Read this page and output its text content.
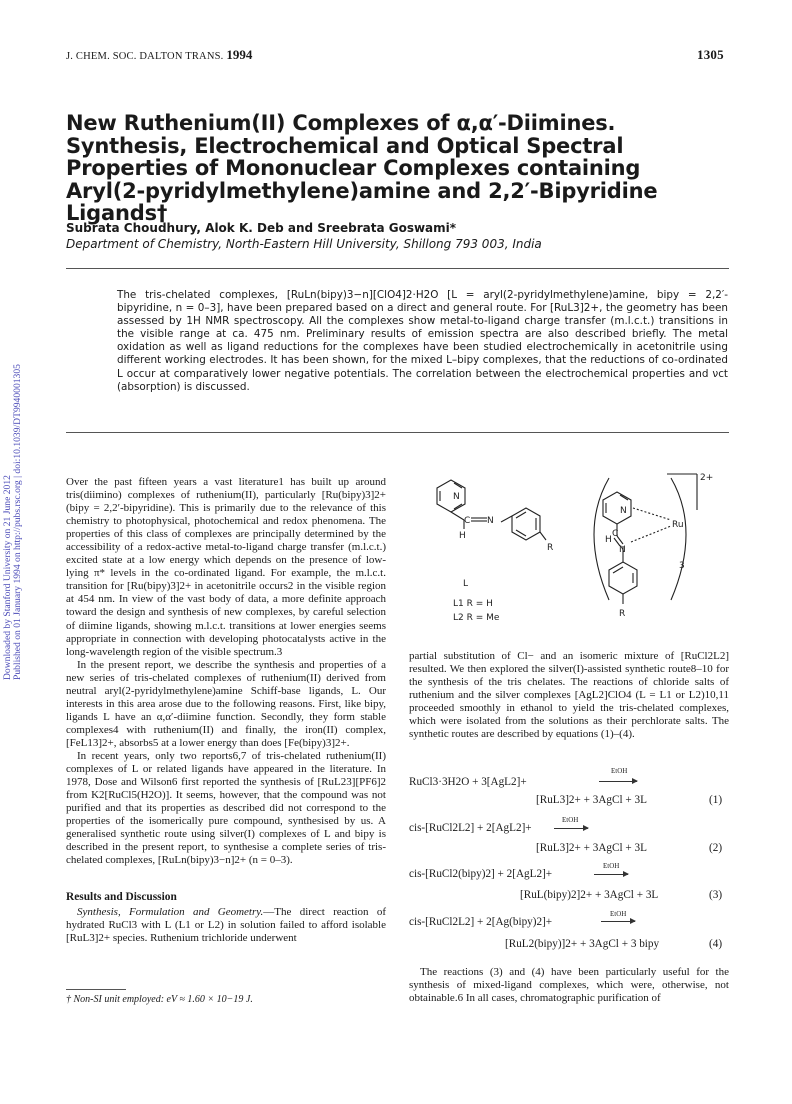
J. CHEM. SOC. DALTON TRANS. 1994	1305
Downloaded by Stanford University on 21 June 2012 Published on 01 January 1994 on http://pubs.rsc.org | doi:10.1039/DT9940001305
New Ruthenium(II) Complexes of α,α′-Diimines. Synthesis, Electrochemical and Optical Spectral Properties of Mononuclear Complexes containing Aryl(2-pyridylmethylene)amine and 2,2′-Bipyridine Ligands†
Subrata Choudhury, Alok K. Deb and Sreebrata Goswami*
Department of Chemistry, North-Eastern Hill University, Shillong 793 003, India
The tris-chelated complexes, [RuLn(bipy)3−n][ClO4]2·H2O [L = aryl(2-pyridylmethylene)amine, bipy = 2,2′-bipyridine, n = 0–3], have been prepared based on a direct and general route. For [RuL3]2+, the geometry has been assessed by 1H NMR spectroscopy. All the complexes show metal-to-ligand charge transfer (m.l.c.t.) transitions in the visible range at ca. 475 nm. Preliminary results of emission spectra are also described briefly. The metal oxidation as well as ligand reductions for the complexes have been studied electrochemically in acetonitrile using different working electrodes. It has been shown, for the mixed L–bipy complexes, that the reductions of co-ordinated L occur at comparatively lower negative potentials. The correlation between the electrochemical properties and νct (absorption) is discussed.

Over the past fifteen years a vast literature1 has built up around tris(diimino) complexes of ruthenium(II), particularly [Ru(bipy)3]2+ (bipy = 2,2′-bipyridine). This is primarily due to the relevance of this chemistry to photophysical, photochemical and redox phenomena. The properties of this class of complexes are principally determined by the accessibility of a redox-active metal-to-ligand charge transfer (m.l.c.t.) excited state at a low energy which depends on the presence of low-lying π* levels in the co-ordinated ligand. For example, the m.l.c.t. transition for [Ru(bipy)3]2+ in acetonitrile occurs2 in the visible region at 454 nm. In view of the vast body of data, a more definite approach toward the design and synthesis of new complexes, by careful selection of diimine ligands, showing m.l.c.t. transitions at lower energies seems appropriate in connection with developing photocatalysts active in the long-wavelength region of the visible spectrum.3

In the present report, we describe the synthesis and properties of a new series of tris-chelated complexes of ruthenium(II) derived from neutral aryl(2-pyridylmethylene)amine Schiff-base ligands, L. Our interests in this area arose due to the following reasons. First, like bipy, ligands L have an α,α′-diimine function. Secondly, they form stable complexes4 with ruthenium(II) and finally, the iron(II) complex, [FeL13]2+, absorbs5 at a lower energy than does [Fe(bipy)3]2+.

In recent years, only two reports6,7 of tris-chelated ruthenium(II) complexes of L or related ligands have appeared in the literature. In 1978, Dose and Wilson6 first reported the synthesis of [RuL23][PF6]2 from K2[RuCl5(H2O)]. It seems, however, that the compound was not purified and that its properties as described did not correspond to the properties of the isomerically pure compound, synthesised by us. A generalised synthetic route using silver(I) complexes of L and bipy is described in the present report, to synthesise a complete series of tris-chelated complexes, [RuLn(bipy)3−n]2+ (n = 0–3).

Results and Discussion
Synthesis, Formulation and Geometry.—The direct reaction of hydrated RuCl3 with L (L1 or L2) in solution failed to afford isolable [RuL3]2+ species. Ruthenium trichloride underwent
† Non-SI unit employed: eV ≈ 1.60 × 10−19 J.
N
C N
H
R
L
L1 R = H
L2 R = Me
N
H
C
N
Ru
2+
3
R
partial substitution of Cl− and an isomeric mixture of [RuCl2L2] resulted. We then explored the silver(I)-assisted synthetic route8–10 for the synthesis of the tris chelates. The reactions of chloride salts of ruthenium and the silver complexes [AgL2]ClO4 (L = L1 or L2)10,11 proceeded smoothly in ethanol to yield the tris-chelated complexes, which were isolated from the solutions as their perchlorate salts. The synthetic routes are described by equations (1)–(4).
RuCl3·3H2O + 3[AgL2]+
EtOH
[RuL3]2+ + 3AgCl + 3L	(1)
cis-[RuCl2L2] + 2[AgL2]+
EtOH
[RuL3]2+ + 3AgCl + 3L	(2)
cis-[RuCl2(bipy)2] + 2[AgL2]+
EtOH
[RuL(bipy)2]2+ + 3AgCl + 3L	(3)
cis-[RuCl2L2] + 2[Ag(bipy)2]+
EtOH
[RuL2(bipy)]2+ + 3AgCl + 3 bipy	(4)
The reactions (3) and (4) have been particularly useful for the synthesis of mixed-ligand complexes, which were, otherwise, not obtainable.6 In all cases, chromatographic purification of
